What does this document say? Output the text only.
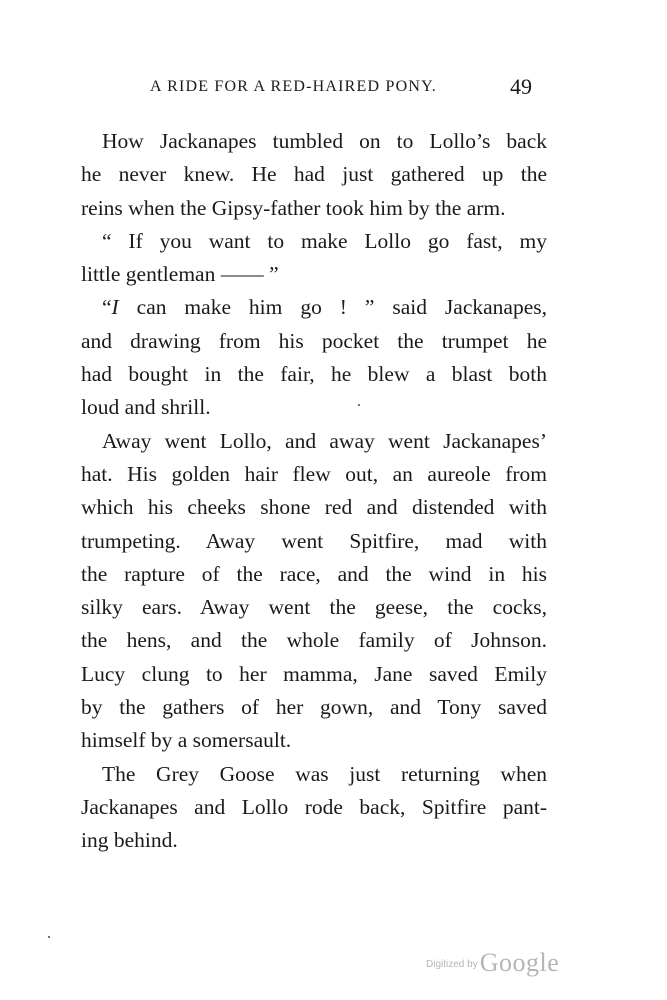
A RIDE FOR A RED-HAIRED PONY.	49
How Jackanapes tumbled on to Lollo’s back
he never knew. He had just gathered up the
reins when the Gipsy-father took him by the arm.
“ If you want to make Lollo go fast, my
little gentleman —— ”
“I can make him go ! ” said Jackanapes,
and drawing from his pocket the trumpet he
had bought in the fair, he blew a blast both
loud and shrill.
Away went Lollo, and away went Jackanapes’
hat. His golden hair flew out, an aureole from
which his cheeks shone red and distended with
trumpeting. Away went Spitfire, mad with
the rapture of the race, and the wind in his
silky ears. Away went the geese, the cocks,
the hens, and the whole family of Johnson.
Lucy clung to her mamma, Jane saved Emily
by the gathers of her gown, and Tony saved
himself by a somersault.
The Grey Goose was just returning when
Jackanapes and Lollo rode back, Spitfire pant-
ing behind.
$^{Digitized by}$Google
